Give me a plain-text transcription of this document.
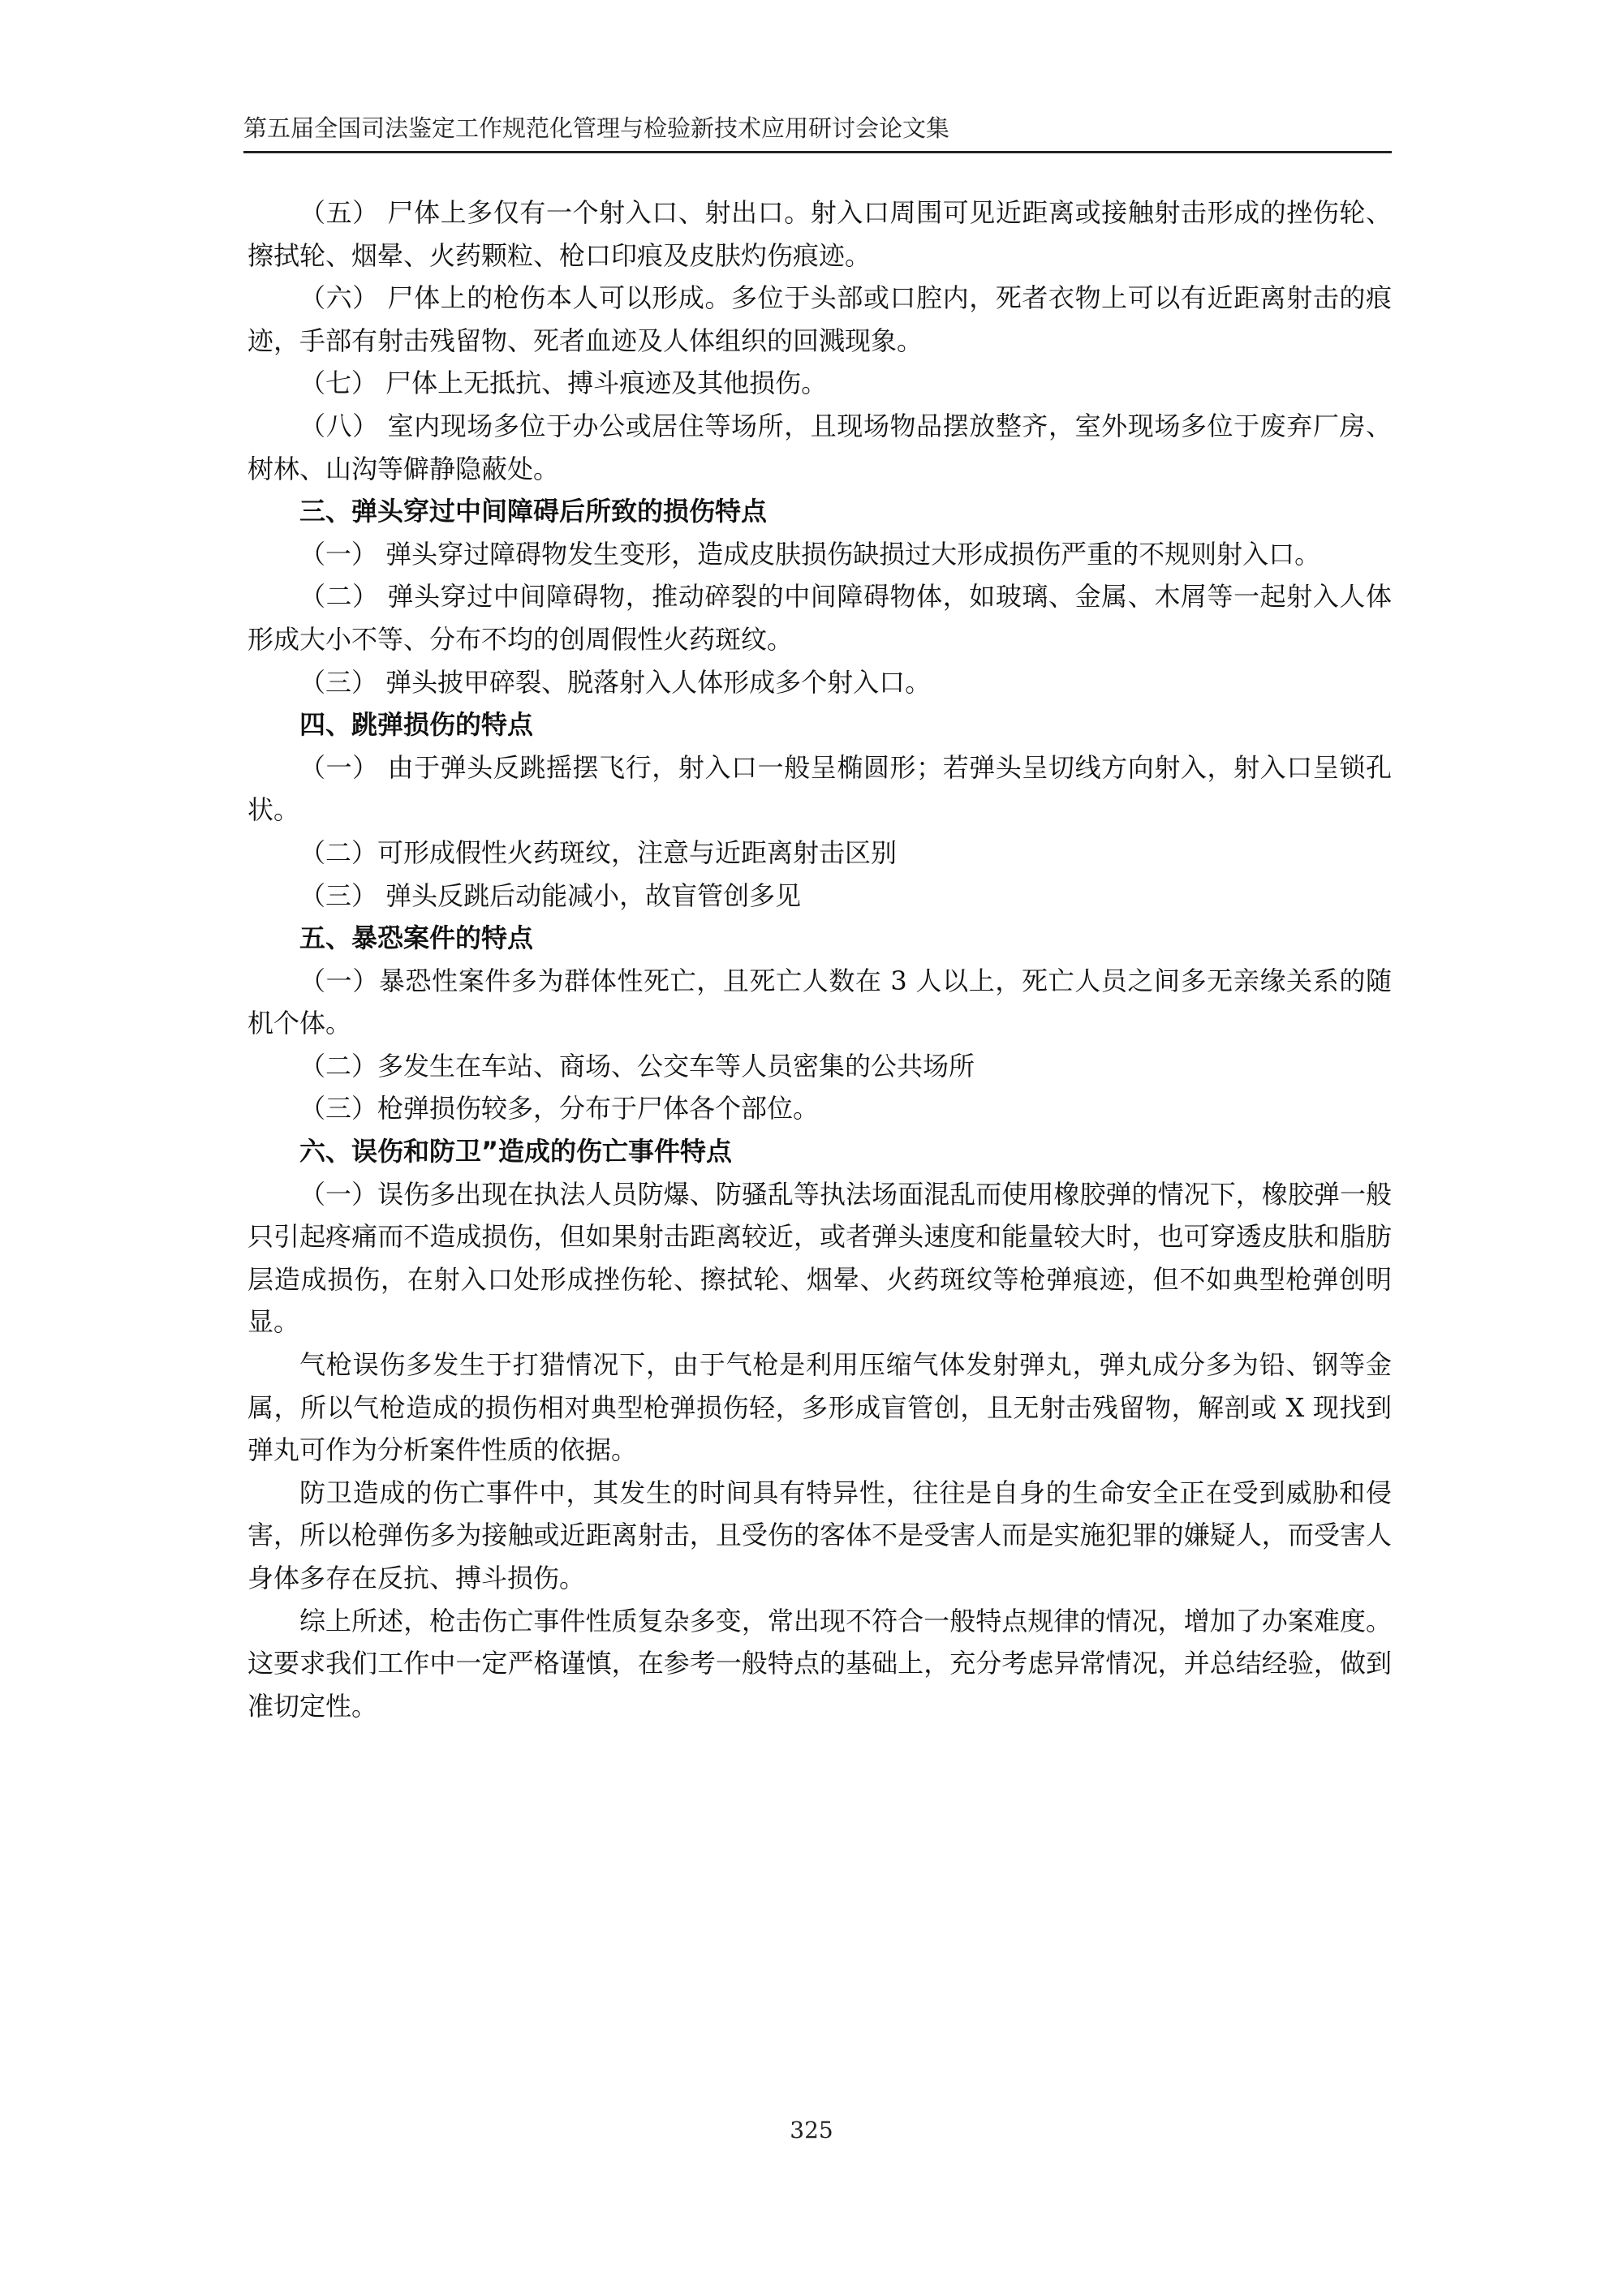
第五届全国司法鉴定工作规范化管理与检验新技术应用研讨会论文集

（五） 尸体上多仅有一个射入口、射出口。射入口周围可见近距离或接触射击形成的挫伤轮、擦拭轮、烟晕、火药颗粒、枪口印痕及皮肤灼伤痕迹。

（六） 尸体上的枪伤本人可以形成。多位于头部或口腔内，死者衣物上可以有近距离射击的痕迹，手部有射击残留物、死者血迹及人体组织的回溅现象。

（七） 尸体上无抵抗、搏斗痕迹及其他损伤。

（八） 室内现场多位于办公或居住等场所，且现场物品摆放整齐，室外现场多位于废弃厂房、树林、山沟等僻静隐蔽处。

三、弹头穿过中间障碍后所致的损伤特点

（一） 弹头穿过障碍物发生变形，造成皮肤损伤缺损过大形成损伤严重的不规则射入口。

（二） 弹头穿过中间障碍物，推动碎裂的中间障碍物体，如玻璃、金属、木屑等一起射入人体形成大小不等、分布不均的创周假性火药斑纹。

（三） 弹头披甲碎裂、脱落射入人体形成多个射入口。

四、跳弹损伤的特点

（一） 由于弹头反跳摇摆飞行，射入口一般呈椭圆形；若弹头呈切线方向射入，射入口呈锁孔状。

（二）可形成假性火药斑纹，注意与近距离射击区别

（三） 弹头反跳后动能减小，故盲管创多见

五、暴恐案件的特点

（一）暴恐性案件多为群体性死亡，且死亡人数在 3 人以上，死亡人员之间多无亲缘关系的随机个体。

（二）多发生在车站、商场、公交车等人员密集的公共场所

（三）枪弹损伤较多，分布于尸体各个部位。

六、误伤和防卫”造成的伤亡事件特点

（一）误伤多出现在执法人员防爆、防骚乱等执法场面混乱而使用橡胶弹的情况下，橡胶弹一般只引起疼痛而不造成损伤，但如果射击距离较近，或者弹头速度和能量较大时，也可穿透皮肤和脂肪层造成损伤，在射入口处形成挫伤轮、擦拭轮、烟晕、火药斑纹等枪弹痕迹，但不如典型枪弹创明显。

气枪误伤多发生于打猎情况下，由于气枪是利用压缩气体发射弹丸，弹丸成分多为铅、钢等金属，所以气枪造成的损伤相对典型枪弹损伤轻，多形成盲管创，且无射击残留物，解剖或 X 现找到弹丸可作为分析案件性质的依据。

防卫造成的伤亡事件中，其发生的时间具有特异性，往往是自身的生命安全正在受到威胁和侵害，所以枪弹伤多为接触或近距离射击，且受伤的客体不是受害人而是实施犯罪的嫌疑人，而受害人身体多存在反抗、搏斗损伤。

综上所述，枪击伤亡事件性质复杂多变，常出现不符合一般特点规律的情况，增加了办案难度。这要求我们工作中一定严格谨慎，在参考一般特点的基础上，充分考虑异常情况，并总结经验，做到准切定性。

325
